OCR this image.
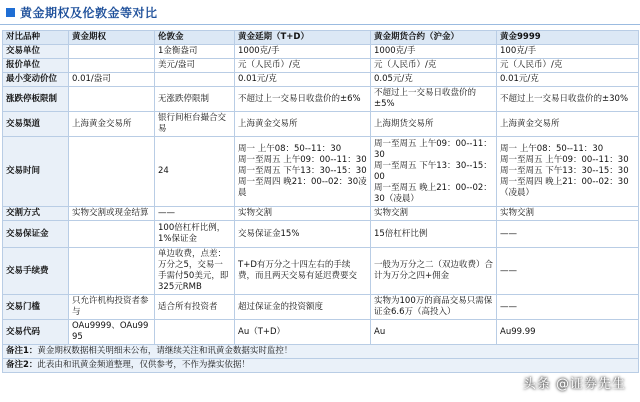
黄金期权及伦敦金等对比
对比品种	黄金期权	伦敦金	黄金延期（T+D）	黄金期货合约（沪金）	黄金9999
交易单位		1金衡盎司	1000克/手	1000克/手	100克/手
报价单位		美元/盎司	元（人民币）/克	元（人民币）/克	元（人民币）/克
最小变动价位	0.01/盎司		0.01元/克	0.05元/克	0.01元/克
涨跌停板限制		无涨跌停限制	不超过上一交易日收盘价的±6%	不超过上一交易日收盘价的±5%	不超过上一交易日收盘价的±30%
交易渠道	上海黄金交易所	银行间柜台撮合交易	上海黄金交易所	上海期货交易所	上海黄金交易所
交易时间		24	周一 上午08：50--11：30
周一至周五 上午09：00--11：30
周一至周五 下午13：30--15：30
周一至周四 晚21：00--02：30凌晨	周一至周五 上午09：00--11：30
周一至周五 下午13：30--15：00
周一至周五 晚上21：00--02：30（凌晨）	周一 上午08：50--11：30
周一至周五 上午09：00--11：30
周一至周五 下午13：30--15：30
周一至周四 晚上21：00--02：30（凌晨）
交割方式	实物交割或现金结算	——	实物交割	实物交割	实物交割
交易保证金		100倍杠杆比例，1%保证金	交易保证金15%	15倍杠杆比例	——
交易手续费		单边收费，点差：万分之5，交易一手需付50美元，即325元RMB	T+D有万分之十四左右的手续费，而且两天交易有延迟费要交	一般为万分之二（双边收费）合计为万分之四+佣金	——
交易门槛	只允许机构投资者参与	适合所有投资者	超过保证金的投资额度	实物为100万的商品交易只需保证金6.6万（高投入）	——
交易代码	OAu9999、OAu9995		Au（T+D）	Au	Au99.99
备注1：黄金期权数据相关明细未公布，请继续关注和讯黄金数据实时监控！					
备注2：此表由和讯黄金频道整理，仅供参考，不作为操实依据！					
头条 @证券先生
